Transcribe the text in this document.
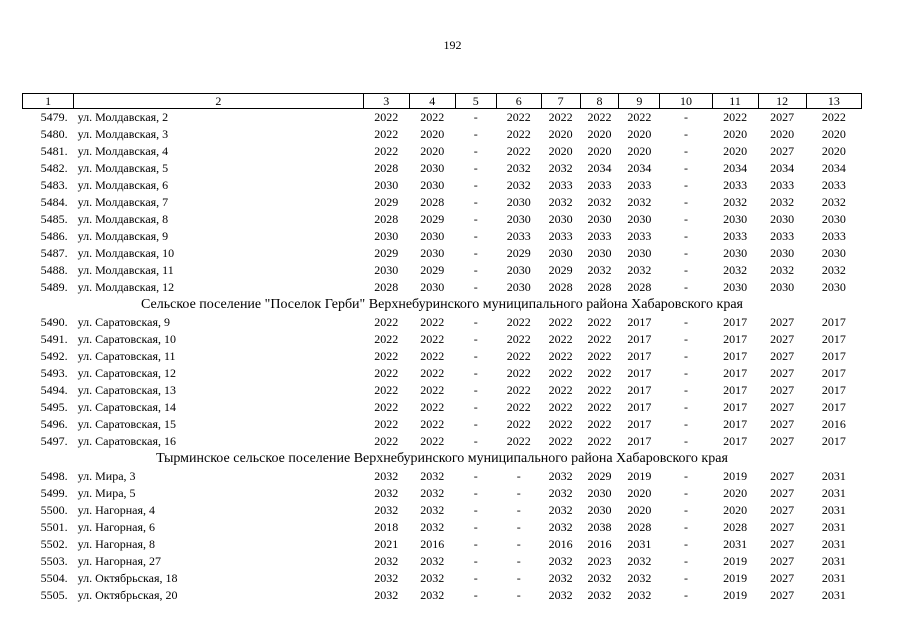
192
1	2	3	4	5	6	7	8	9	10	11	12	13
5479.	ул. Молдавская, 2	2022	2022	-	2022	2022	2022	2022	-	2022	2027	2022
5480.	ул. Молдавская, 3	2022	2020	-	2022	2020	2020	2020	-	2020	2020	2020
5481.	ул. Молдавская, 4	2022	2020	-	2022	2020	2020	2020	-	2020	2027	2020
5482.	ул. Молдавская, 5	2028	2030	-	2032	2032	2034	2034	-	2034	2034	2034
5483.	ул. Молдавская, 6	2030	2030	-	2032	2033	2033	2033	-	2033	2033	2033
5484.	ул. Молдавская, 7	2029	2028	-	2030	2032	2032	2032	-	2032	2032	2032
5485.	ул. Молдавская, 8	2028	2029	-	2030	2030	2030	2030	-	2030	2030	2030
5486.	ул. Молдавская, 9	2030	2030	-	2033	2033	2033	2033	-	2033	2033	2033
5487.	ул. Молдавская, 10	2029	2030	-	2029	2030	2030	2030	-	2030	2030	2030
5488.	ул. Молдавская, 11	2030	2029	-	2030	2029	2032	2032	-	2032	2032	2032
5489.	ул. Молдавская, 12	2028	2030	-	2030	2028	2028	2028	-	2030	2030	2030
Сельское поселение "Поселок Герби" Верхнебуринского муниципального района Хабаровского края												
5490.	ул. Саратовская, 9	2022	2022	-	2022	2022	2022	2017	-	2017	2027	2017
5491.	ул. Саратовская, 10	2022	2022	-	2022	2022	2022	2017	-	2017	2027	2017
5492.	ул. Саратовская, 11	2022	2022	-	2022	2022	2022	2017	-	2017	2027	2017
5493.	ул. Саратовская, 12	2022	2022	-	2022	2022	2022	2017	-	2017	2027	2017
5494.	ул. Саратовская, 13	2022	2022	-	2022	2022	2022	2017	-	2017	2027	2017
5495.	ул. Саратовская, 14	2022	2022	-	2022	2022	2022	2017	-	2017	2027	2017
5496.	ул. Саратовская, 15	2022	2022	-	2022	2022	2022	2017	-	2017	2027	2016
5497.	ул. Саратовская, 16	2022	2022	-	2022	2022	2022	2017	-	2017	2027	2017
Тырминское сельское поселение Верхнебуринского муниципального района Хабаровского края												
5498.	ул. Мира, 3	2032	2032	-	-	2032	2029	2019	-	2019	2027	2031
5499.	ул. Мира, 5	2032	2032	-	-	2032	2030	2020	-	2020	2027	2031
5500.	ул. Нагорная, 4	2032	2032	-	-	2032	2030	2020	-	2020	2027	2031
5501.	ул. Нагорная, 6	2018	2032	-	-	2032	2038	2028	-	2028	2027	2031
5502.	ул. Нагорная, 8	2021	2016	-	-	2016	2016	2031	-	2031	2027	2031
5503.	ул. Нагорная, 27	2032	2032	-	-	2032	2023	2032	-	2019	2027	2031
5504.	ул. Октябрьская, 18	2032	2032	-	-	2032	2032	2032	-	2019	2027	2031
5505.	ул. Октябрьская, 20	2032	2032	-	-	2032	2032	2032	-	2019	2027	2031
